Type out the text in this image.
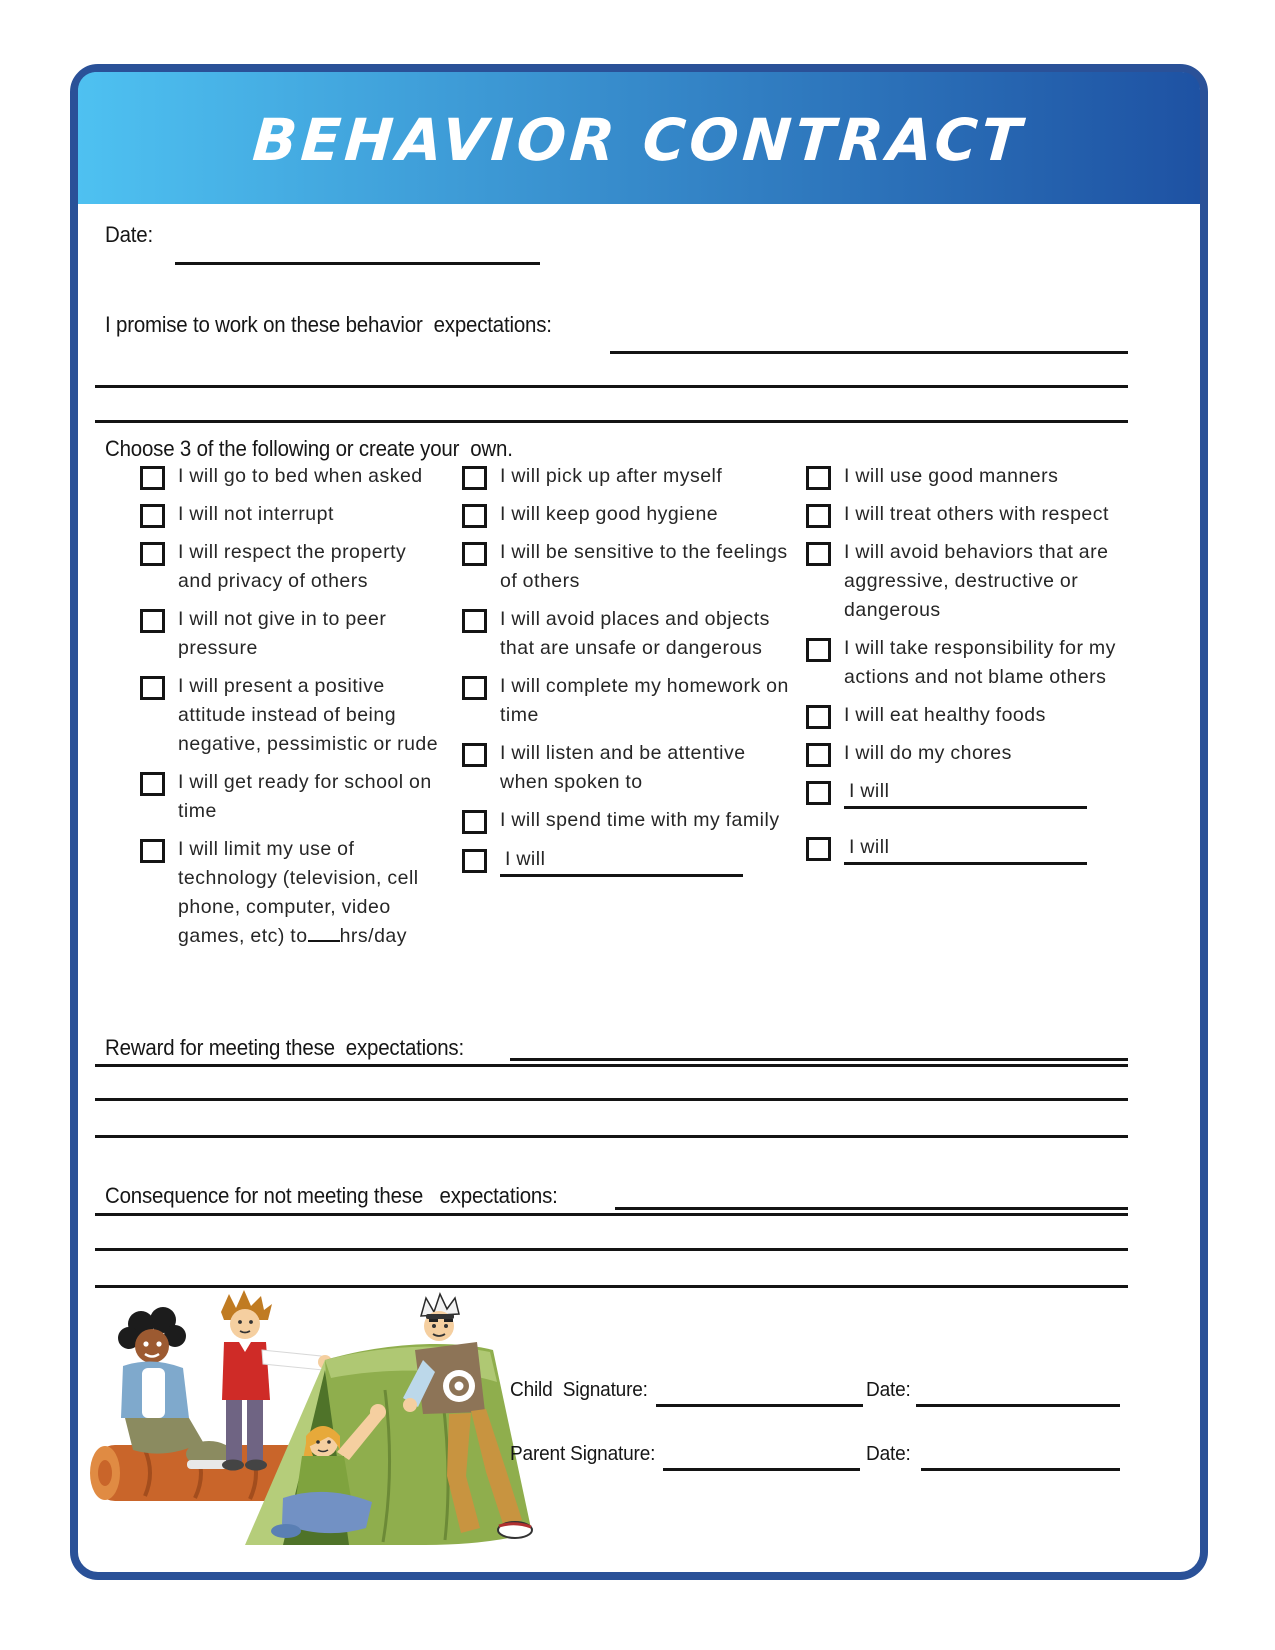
BEHAVIOR CONTRACT
Date:
I promise to work on these behavior  expectations:
Choose 3 of the following or create your  own.
I will go to bed when asked
I will not interrupt
I will respect the property and privacy of others
I will not give in to peer pressure
I will present a positive attitude instead of being negative, pessimistic or rude
I will get ready for school on time
I will limit my use of technology (television, cell phone, computer, video games, etc) to hrs/day
I will pick up after myself
I will keep good hygiene
I will be sensitive to the feelings of others
I will avoid places and objects that are unsafe or dangerous
I will complete my homework on time
I will listen and be attentive when spoken to
I will spend time with my family
I will
I will use good manners
I will treat others with respect
I will avoid behaviors that are aggressive, destructive or dangerous
I will take responsibility for my actions and not blame others
I will eat healthy foods
I will do my chores
I will
I will
Reward for meeting these  expectations:
Consequence for not meeting these   expectations:
Child  Signature:	Date:
Parent Signature:	Date:
